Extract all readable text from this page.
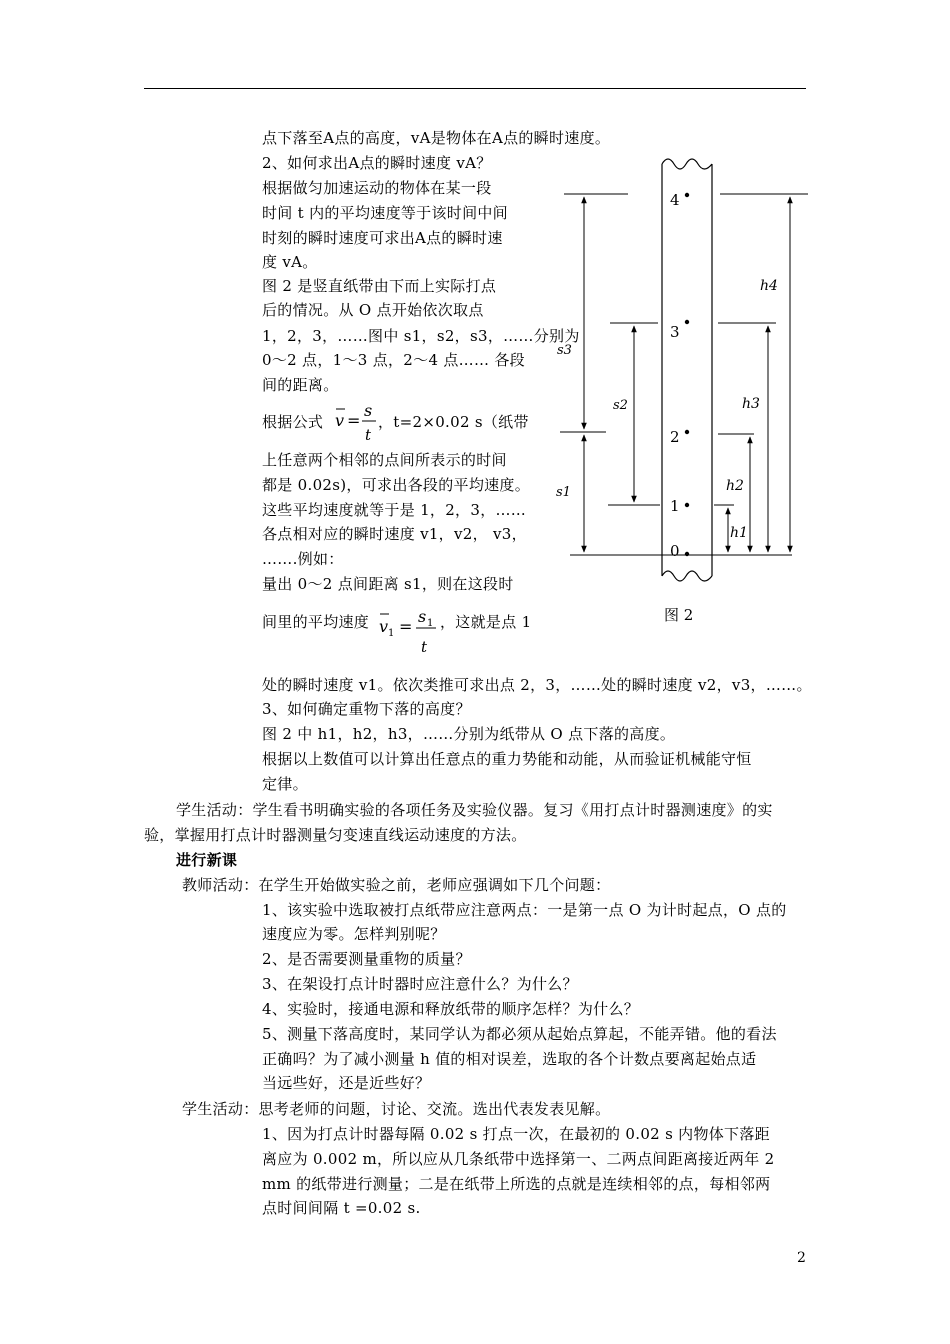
点下落至A点的高度，vA是物体在A点的瞬时速度。
2、如何求出A点的瞬时速度 vA？
根据做匀加速运动的物体在某一段
时间 t 内的平均速度等于该时间中间
时刻的瞬时速度可求出A点的瞬时速
度 vA。
图 2 是竖直纸带由下而上实际打点
后的情况。从 O 点开始依次取点
1，2，3，……图中 s1，s2，s3，……分别为
0～2 点，1～3 点，2～4 点…… 各段
间的距离。
根据公式 v =
s
t
，t=2×0.02 s（纸带
上任意两个相邻的点间所表示的时间
都是 0.02s)，可求出各段的平均速度。
这些平均速度就等于是 1，2，3，……
各点相对应的瞬时速度 v1，v2， v3，
…….例如：
量出 0～2 点间距离 s1，则在这段时
间里的平均速度 v 1 =
s 1
t
，这就是点 1
处的瞬时速度 v1。依次类推可求出点 2，3，……处的瞬时速度 v2，v3，……。
3、如何确定重物下落的高度？
图 2 中 h1，h2，h3，……分别为纸带从 O 点下落的高度。
根据以上数值可以计算出任意点的重力势能和动能，从而验证机械能守恒
定律。
学生活动：学生看书明确实验的各项任务及实验仪器。复习《用打点计时器测速度》的实
验，掌握用打点计时器测量匀变速直线运动速度的方法。
进行新课
教师活动：在学生开始做实验之前，老师应强调如下几个问题：
1、该实验中选取被打点纸带应注意两点：一是第一点 O 为计时起点，O 点的
速度应为零。怎样判别呢？
2、是否需要测量重物的质量？
3、在架设打点计时器时应注意什么？为什么？
4、实验时，接通电源和释放纸带的顺序怎样？为什么？
5、测量下落高度时，某同学认为都必须从起始点算起，不能弄错。他的看法
正确吗？为了减小测量 h 值的相对误差，选取的各个计数点要离起始点适
当远些好，还是近些好？
学生活动：思考老师的问题，讨论、交流。选出代表发表见解。
1、因为打点计时器每隔 0.02 s 打点一次，在最初的 0.02 s 内物体下落距
离应为 0.002 m，所以应从几条纸带中选择第一、二两点间距离接近两年 2
mm 的纸带进行测量；二是在纸带上所选的点就是连续相邻的点，每相邻两
点时间间隔 t =0.02 s.
4
3
2
1
0
s3
s2
s1
h4
h3
h2
h1
图 2
2
